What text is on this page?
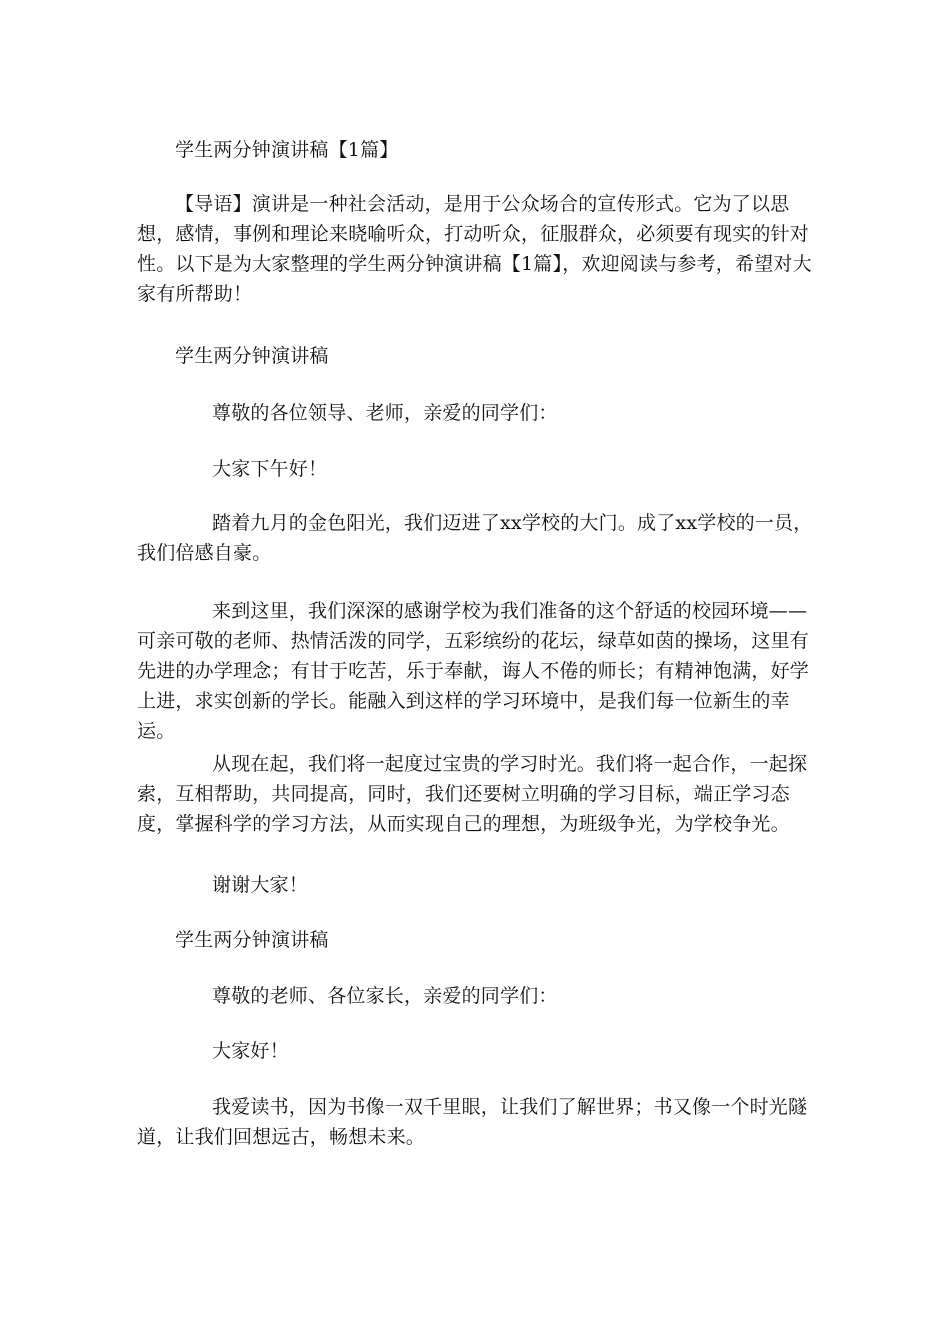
学生两分钟演讲稿【1篇】
【导语】演讲是一种社会活动，是用于公众场合的宣传形式。它为了以思想，感情，事例和理论来晓喻听众，打动听众，征服群众，必须要有现实的针对性。以下是为大家整理的学生两分钟演讲稿【1篇】，欢迎阅读与参考，希望对大家有所帮助！
学生两分钟演讲稿
尊敬的各位领导、老师，亲爱的同学们：
大家下午好！
踏着九月的金色阳光，我们迈进了xx学校的大门。成了xx学校的一员，我们倍感自豪。
来到这里，我们深深的感谢学校为我们准备的这个舒适的校园环境——可亲可敬的老师、热情活泼的同学，五彩缤纷的花坛，绿草如茵的操场，这里有先进的办学理念；有甘于吃苦，乐于奉献，诲人不倦的师长；有精神饱满，好学上进，求实创新的学长。能融入到这样的学习环境中，是我们每一位新生的幸运。
从现在起，我们将一起度过宝贵的学习时光。我们将一起合作，一起探索，互相帮助，共同提高，同时，我们还要树立明确的学习目标，端正学习态度，掌握科学的学习方法，从而实现自己的理想，为班级争光，为学校争光。
谢谢大家！
学生两分钟演讲稿
尊敬的老师、各位家长，亲爱的同学们：
大家好！
我爱读书，因为书像一双千里眼，让我们了解世界；书又像一个时光隧道，让我们回想远古，畅想未来。
